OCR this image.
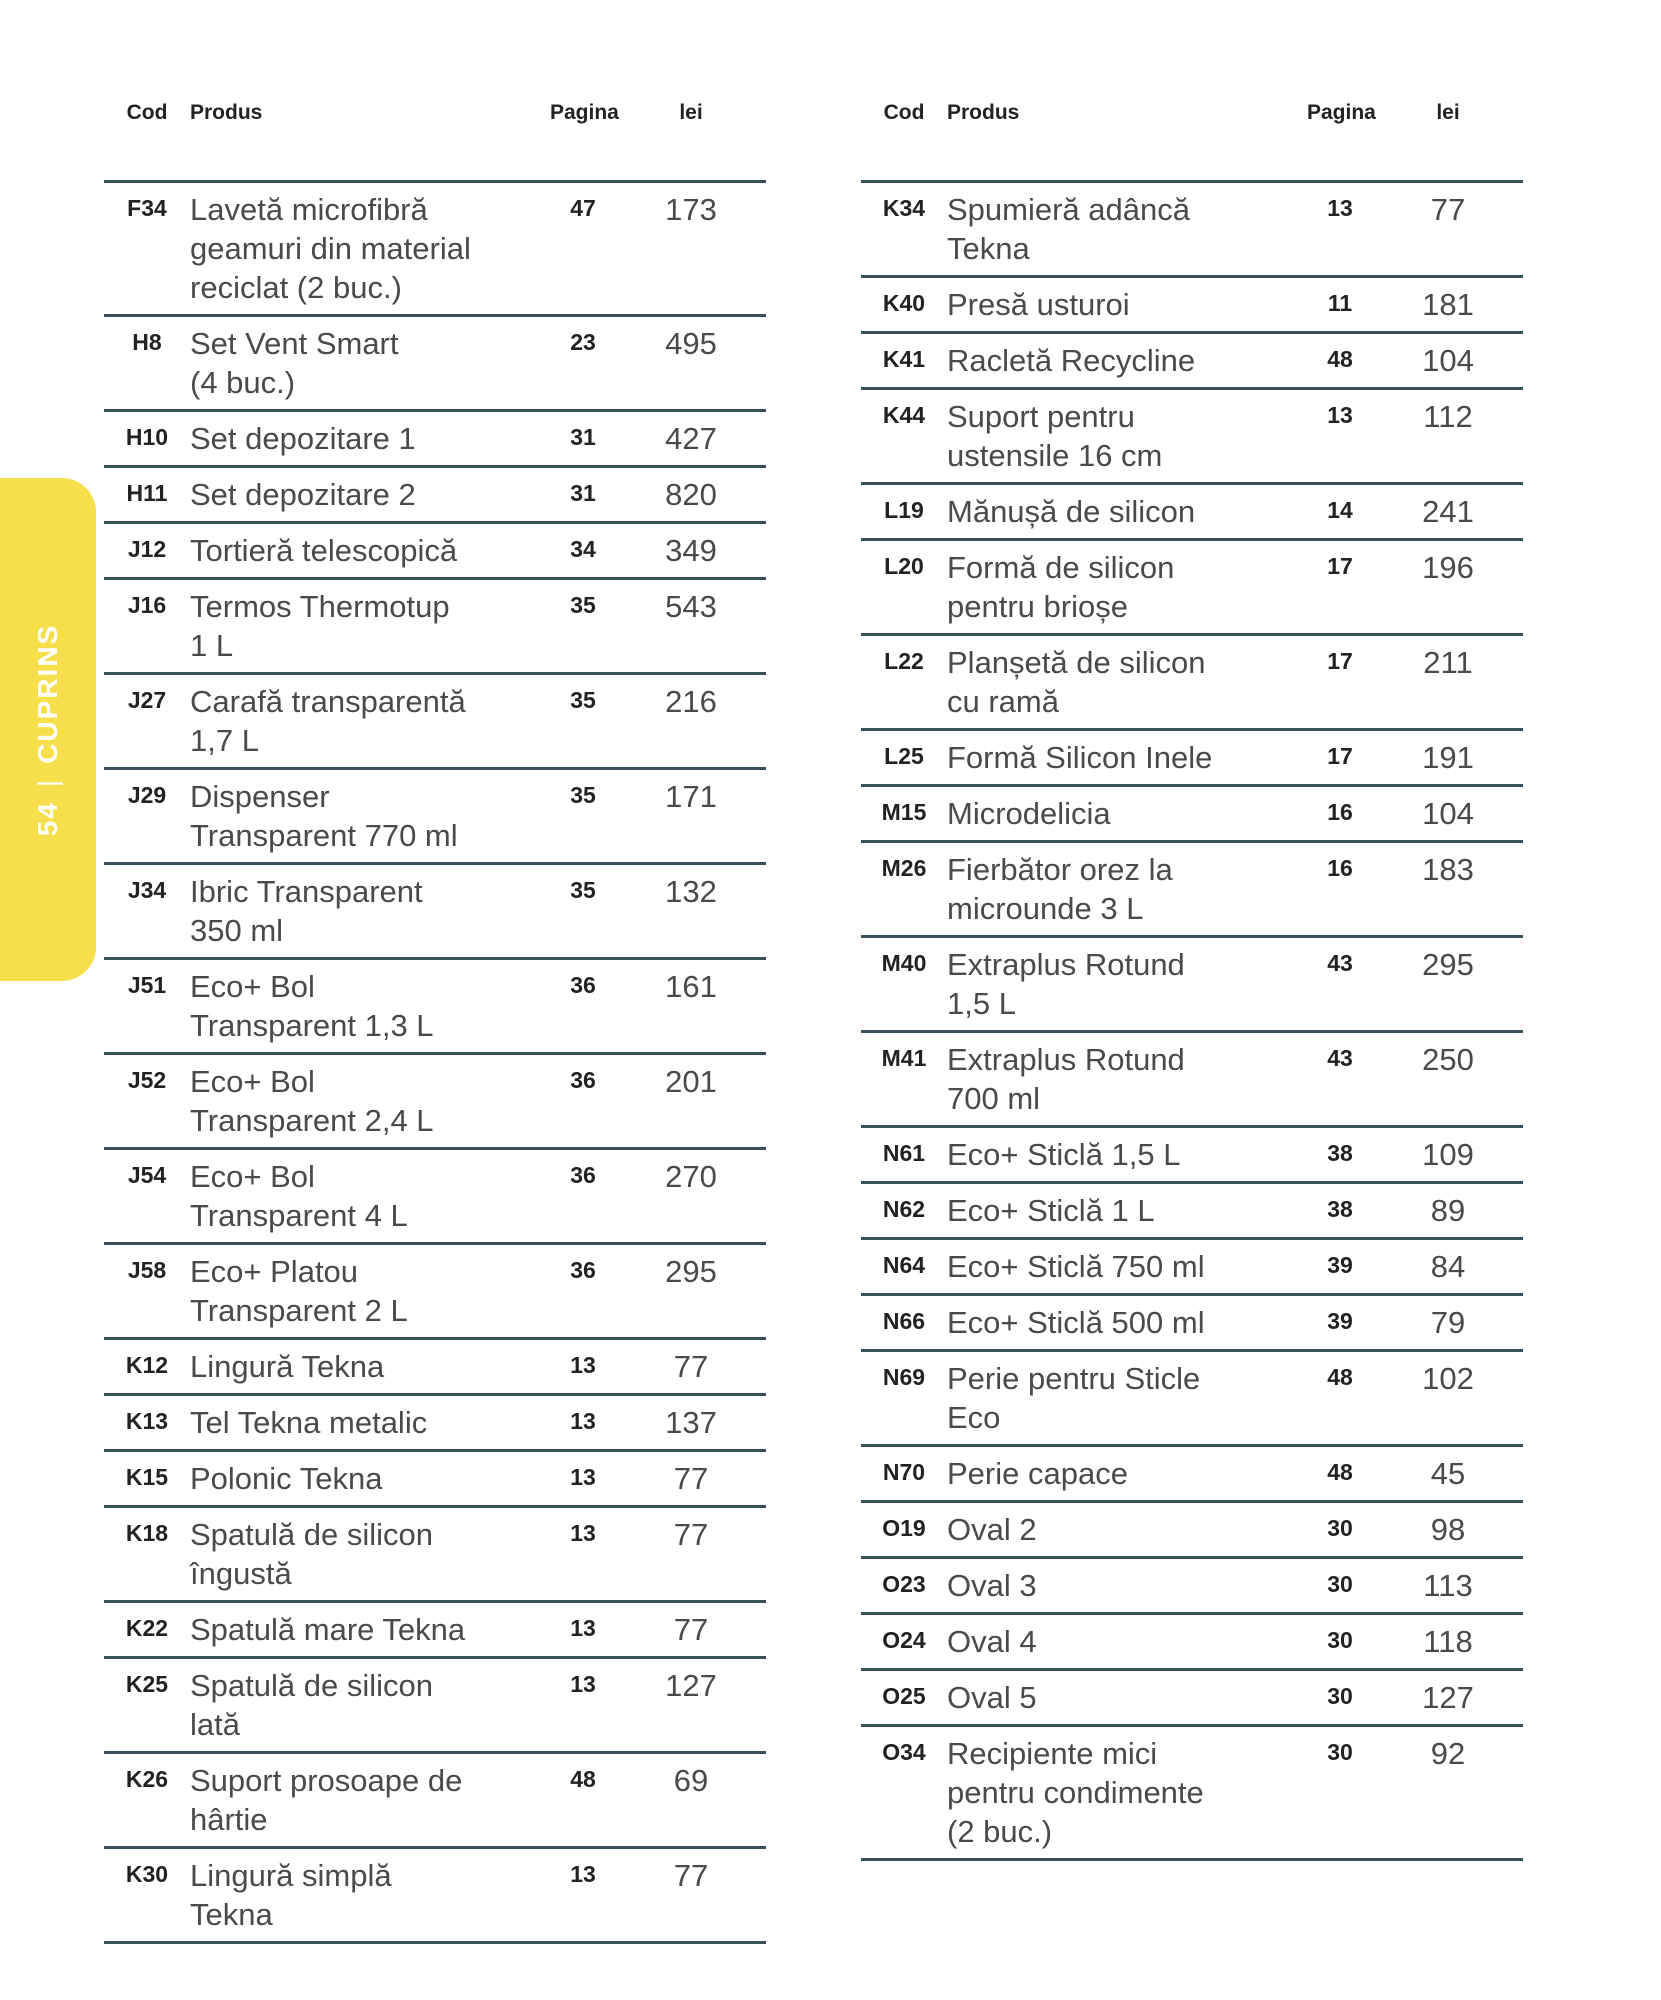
54|CUPRINS
Cod	Produs	Pagina	lei
F34 Lavetă microfibră
geamuri din material
reciclat (2 buc.)
47	173
H8 Set Vent Smart
(4 buc.)
23	495
H10 Set depozitare 1	31	427
H11 Set depozitare 2	31	820
J12 Tortieră telescopică	34	349
J16 Termos Thermotup
1 L
35	543
J27 Carafă transparentă
1,7 L
35	216
J29 Dispenser
Transparent 770 ml
35	171
J34 Ibric Transparent
350 ml
35	132
J51 Eco+ Bol
Transparent 1,3 L
36	161
J52 Eco+ Bol
Transparent 2,4 L
36	201
J54 Eco+ Bol
Transparent 4 L
36	270
J58 Eco+ Platou
Transparent 2 L
36	295
K12 Lingură Tekna	13	77
K13 Tel Tekna metalic	13	137
K15 Polonic Tekna	13	77
K18 Spatulă de silicon
îngustă
13	77
K22 Spatulă mare Tekna	13	77
K25 Spatulă de silicon
lată
13	127
K26 Suport prosoape de
hârtie
48	69
K30 Lingură simplă
Tekna
13	77
Cod	Produs	Pagina	lei
K34 Spumieră adâncă
Tekna
13	77
K40 Presă usturoi	11	181
K41 Racletă Recycline	48	104
K44 Suport pentru
ustensile 16 cm
13	112
L19 Mănușă de silicon	14	241
L20 Formă de silicon
pentru brioșe
17	196
L22 Planșetă de silicon
cu ramă
17	211
L25 Formă Silicon Inele	17	191
M15 Microdelicia	16	104
M26 Fierbător orez la
microunde 3 L
16	183
M40 Extraplus Rotund
1,5 L
43	295
M41 Extraplus Rotund
700 ml
43	250
N61 Eco+ Sticlă 1,5 L	38	109
N62 Eco+ Sticlă 1 L	38	89
N64 Eco+ Sticlă 750 ml	39	84
N66 Eco+ Sticlă 500 ml	39	79
N69 Perie pentru Sticle
Eco
48	102
N70 Perie capace	48	45
O19 Oval 2	30	98
O23 Oval 3	30	113
O24 Oval 4	30	118
O25 Oval 5	30	127
O34 Recipiente mici
pentru condimente
(2 buc.)
30	92
